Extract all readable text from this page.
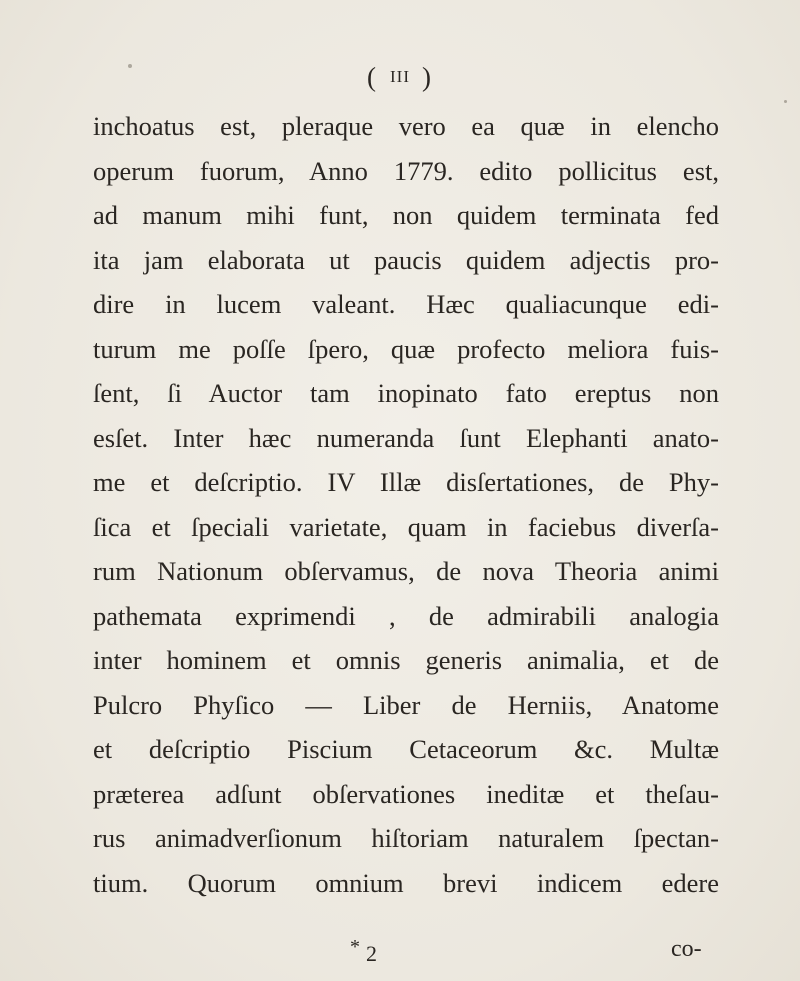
( III )
inchoatus est, pleraque vero ea quæ in elencho
operum fuorum, Anno 1779. edito pollicitus est,
ad manum mihi funt, non quidem terminata fed
ita jam elaborata ut paucis quidem adjectis pro-
dire in lucem valeant. Hæc qualiacunque edi-
turum me poſſe ſpero, quæ profecto meliora fuis-
ſent, ſi Auctor tam inopinato fato ereptus non
esſet. Inter hæc numeranda ſunt Elephanti anato-
me et deſcriptio. IV Illæ disſertationes, de Phy-
ſica et ſpeciali varietate, quam in faciebus diverſa-
rum Nationum obſervamus, de nova Theoria animi
pathemata exprimendi , de admirabili analogia
inter hominem et omnis generis animalia, et de
Pulcro Phyſico — Liber de Herniis, Anatome
et deſcriptio Piscium Cetaceorum &c. Multæ
præterea adſunt obſervationes ineditæ et theſau-
rus animadverſionum hiſtoriam naturalem ſpectan-
tium. Quorum omnium brevi indicem edere
* 2	co-
